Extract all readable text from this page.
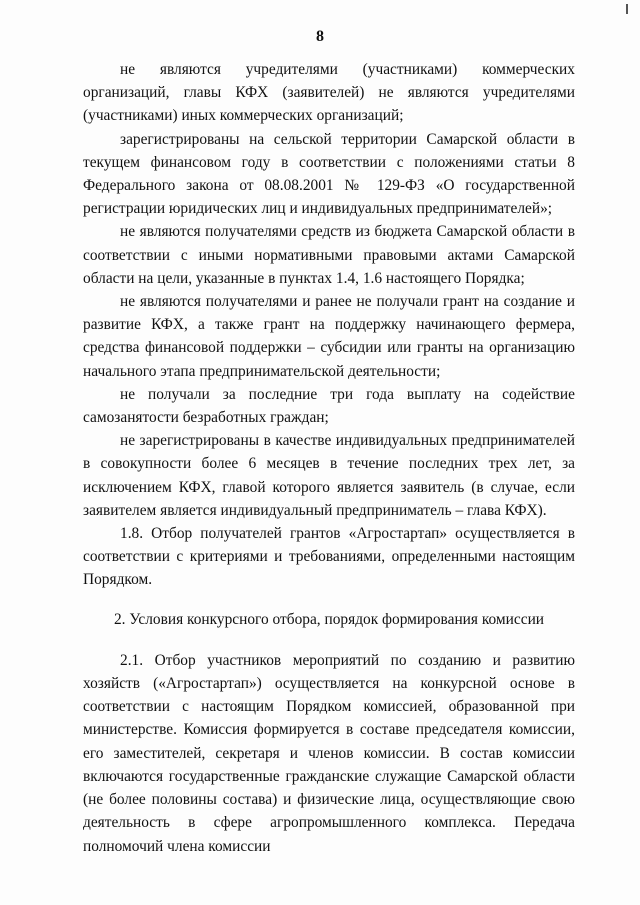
8

не являются учредителями (участниками) коммерческих организаций, главы КФХ (заявителей) не являются учредителями (участниками) иных коммерческих организаций;

зарегистрированы на сельской территории Самарской области в текущем финансовом году в соответствии с положениями статьи 8 Федерального закона от 08.08.2001 № 129-ФЗ «О государственной регистрации юридических лиц и индивидуальных предпринимателей»;

не являются получателями средств из бюджета Самарской области в соответствии с иными нормативными правовыми актами Самарской области на цели, указанные в пунктах 1.4, 1.6 настоящего Порядка;

не являются получателями и ранее не получали грант на создание и развитие КФХ, а также грант на поддержку начинающего фермера, средства финансовой поддержки – субсидии или гранты на организацию начального этапа предпринимательской деятельности;

не получали за последние три года выплату на содействие самозанятости безработных граждан;

не зарегистрированы в качестве индивидуальных предпринимателей в совокупности более 6 месяцев в течение последних трех лет, за исключением КФХ, главой которого является заявитель (в случае, если заявителем является индивидуальный предприниматель – глава КФХ).

1.8. Отбор получателей грантов «Агростартап» осуществляется в соответствии с критериями и требованиями, определенными настоящим Порядком.

2. Условия конкурсного отбора, порядок формирования комиссии

2.1. Отбор участников мероприятий по созданию и развитию хозяйств («Агростартап») осуществляется на конкурсной основе в соответствии с настоящим Порядком комиссией, образованной при министерстве. Комиссия формируется в составе председателя комиссии, его заместителей, секретаря и членов комиссии. В состав комиссии включаются государственные гражданские служащие Самарской области (не более половины состава) и физические лица, осуществляющие свою деятельность в сфере агропромышленного комплекса. Передача полномочий члена комиссии
